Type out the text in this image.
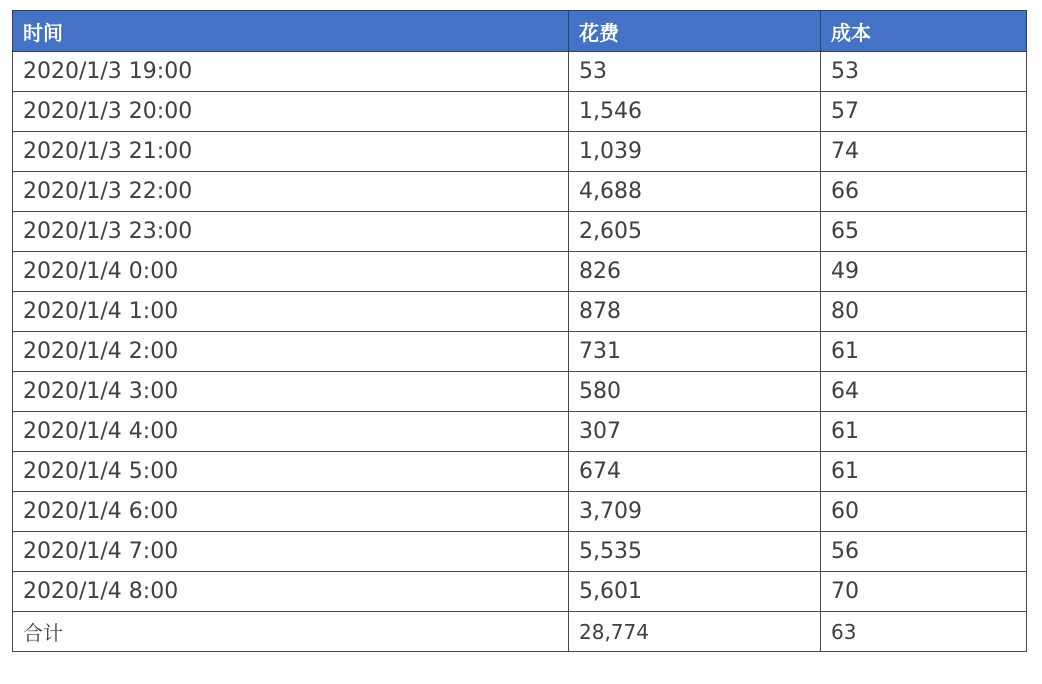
时间	花费	成本
2020/1/3 19:00	53	53
2020/1/3 20:00	1,546	57
2020/1/3 21:00	1,039	74
2020/1/3 22:00	4,688	66
2020/1/3 23:00	2,605	65
2020/1/4 0:00	826	49
2020/1/4 1:00	878	80
2020/1/4 2:00	731	61
2020/1/4 3:00	580	64
2020/1/4 4:00	307	61
2020/1/4 5:00	674	61
2020/1/4 6:00	3,709	60
2020/1/4 7:00	5,535	56
2020/1/4 8:00	5,601	70
合计	28,774	63
